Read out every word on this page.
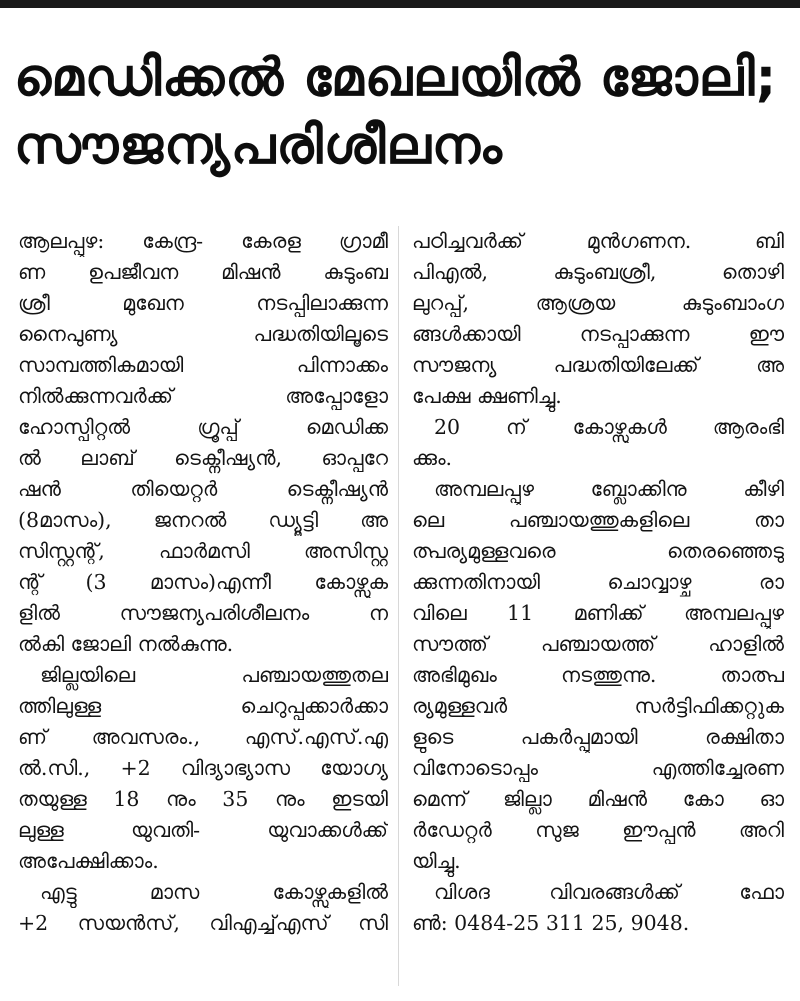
മെഡിക്കൽ മേഖലയിൽ ജോലി;
സൗജന്യപരിശീലനം
ആലപ്പുഴ: കേന്ദ്ര- കേരള ഗ്രാമീ
ണ ഉപജീവന മിഷൻ കുടുംബ
ശ്രീ മുഖേന നടപ്പിലാക്കുന്ന
നൈപുണ്യ പദ്ധതിയിലൂടെ
സാമ്പത്തികമായി പിന്നാക്കം
നിൽക്കുന്നവർക്ക് അപ്പോളോ
ഹോസ്പിറ്റൽ ഗ്രൂപ്പ് മെഡിക്ക
ൽ ലാബ് ടെക്നീഷ്യൻ, ഓപ്പറേ
ഷൻ തിയെറ്റർ ടെക്നീഷ്യൻ
(8മാസം), ജനറൽ ഡ്യൂട്ടി അ
സിസ്റ്റന്റ്, ഫാർമസി അസിസ്റ്റ
ന്റ് (3 മാസം)എന്നീ കോഴ്സുക
ളിൽ സൗജന്യപരിശീലനം ന
ൽകി ജോലി നൽകുന്നു.
ജില്ലയിലെ പഞ്ചായത്തുതല
ത്തിലുള്ള ചെറുപ്പക്കാർക്കാ
ണ് അവസരം., എസ്.എസ്.എ
ൽ.സി., +2 വിദ്യാഭ്യാസ യോഗ്യ
തയുള്ള 18 നും 35 നും ഇടയി
ലുള്ള യുവതി- യുവാക്കൾക്ക്
അപേക്ഷിക്കാം.
എട്ടു മാസ കോഴ്സുകളിൽ
+2 സയൻസ്, വിഎച്ച്എസ് സി
പഠിച്ചവർക്ക് മുൻഗണന. ബി
പിഎൽ, കുടുംബശ്രീ, തൊഴി
ലുറപ്പ്, ആശ്രയ കുടുംബാംഗ
ങ്ങൾക്കായി നടപ്പാക്കുന്ന ഈ
സൗജന്യ പദ്ധതിയിലേക്ക് അ
പേക്ഷ ക്ഷണിച്ചു.
20 ന് കോഴ്സുകൾ ആരംഭി
ക്കും.
അമ്പലപ്പുഴ ബ്ലോക്കിനു കീഴി
ലെ പഞ്ചായത്തുകളിലെ താ
ത്പര്യമുള്ളവരെ തെരഞ്ഞെടു
ക്കുന്നതിനായി ചൊവ്വാഴ്ച രാ
വിലെ 11 മണിക്ക് അമ്പലപ്പുഴ
സൗത്ത് പഞ്ചായത്ത് ഹാളിൽ
അഭിമുഖം നടത്തുന്നു. താത്പ
ര്യമുള്ളവർ സർട്ടിഫിക്കറ്റുക
ളുടെ പകർപ്പുമായി രക്ഷിതാ
വിനോടൊപ്പം എത്തിച്ചേരണ
മെന്ന് ജില്ലാ മിഷൻ കോ ഓ
ർഡേറ്റർ സുജ ഈപ്പൻ അറി
യിച്ചു.
വിശദ വിവരങ്ങൾക്ക് ഫോ
ൺ: 0484-25 311 25, 9048.
